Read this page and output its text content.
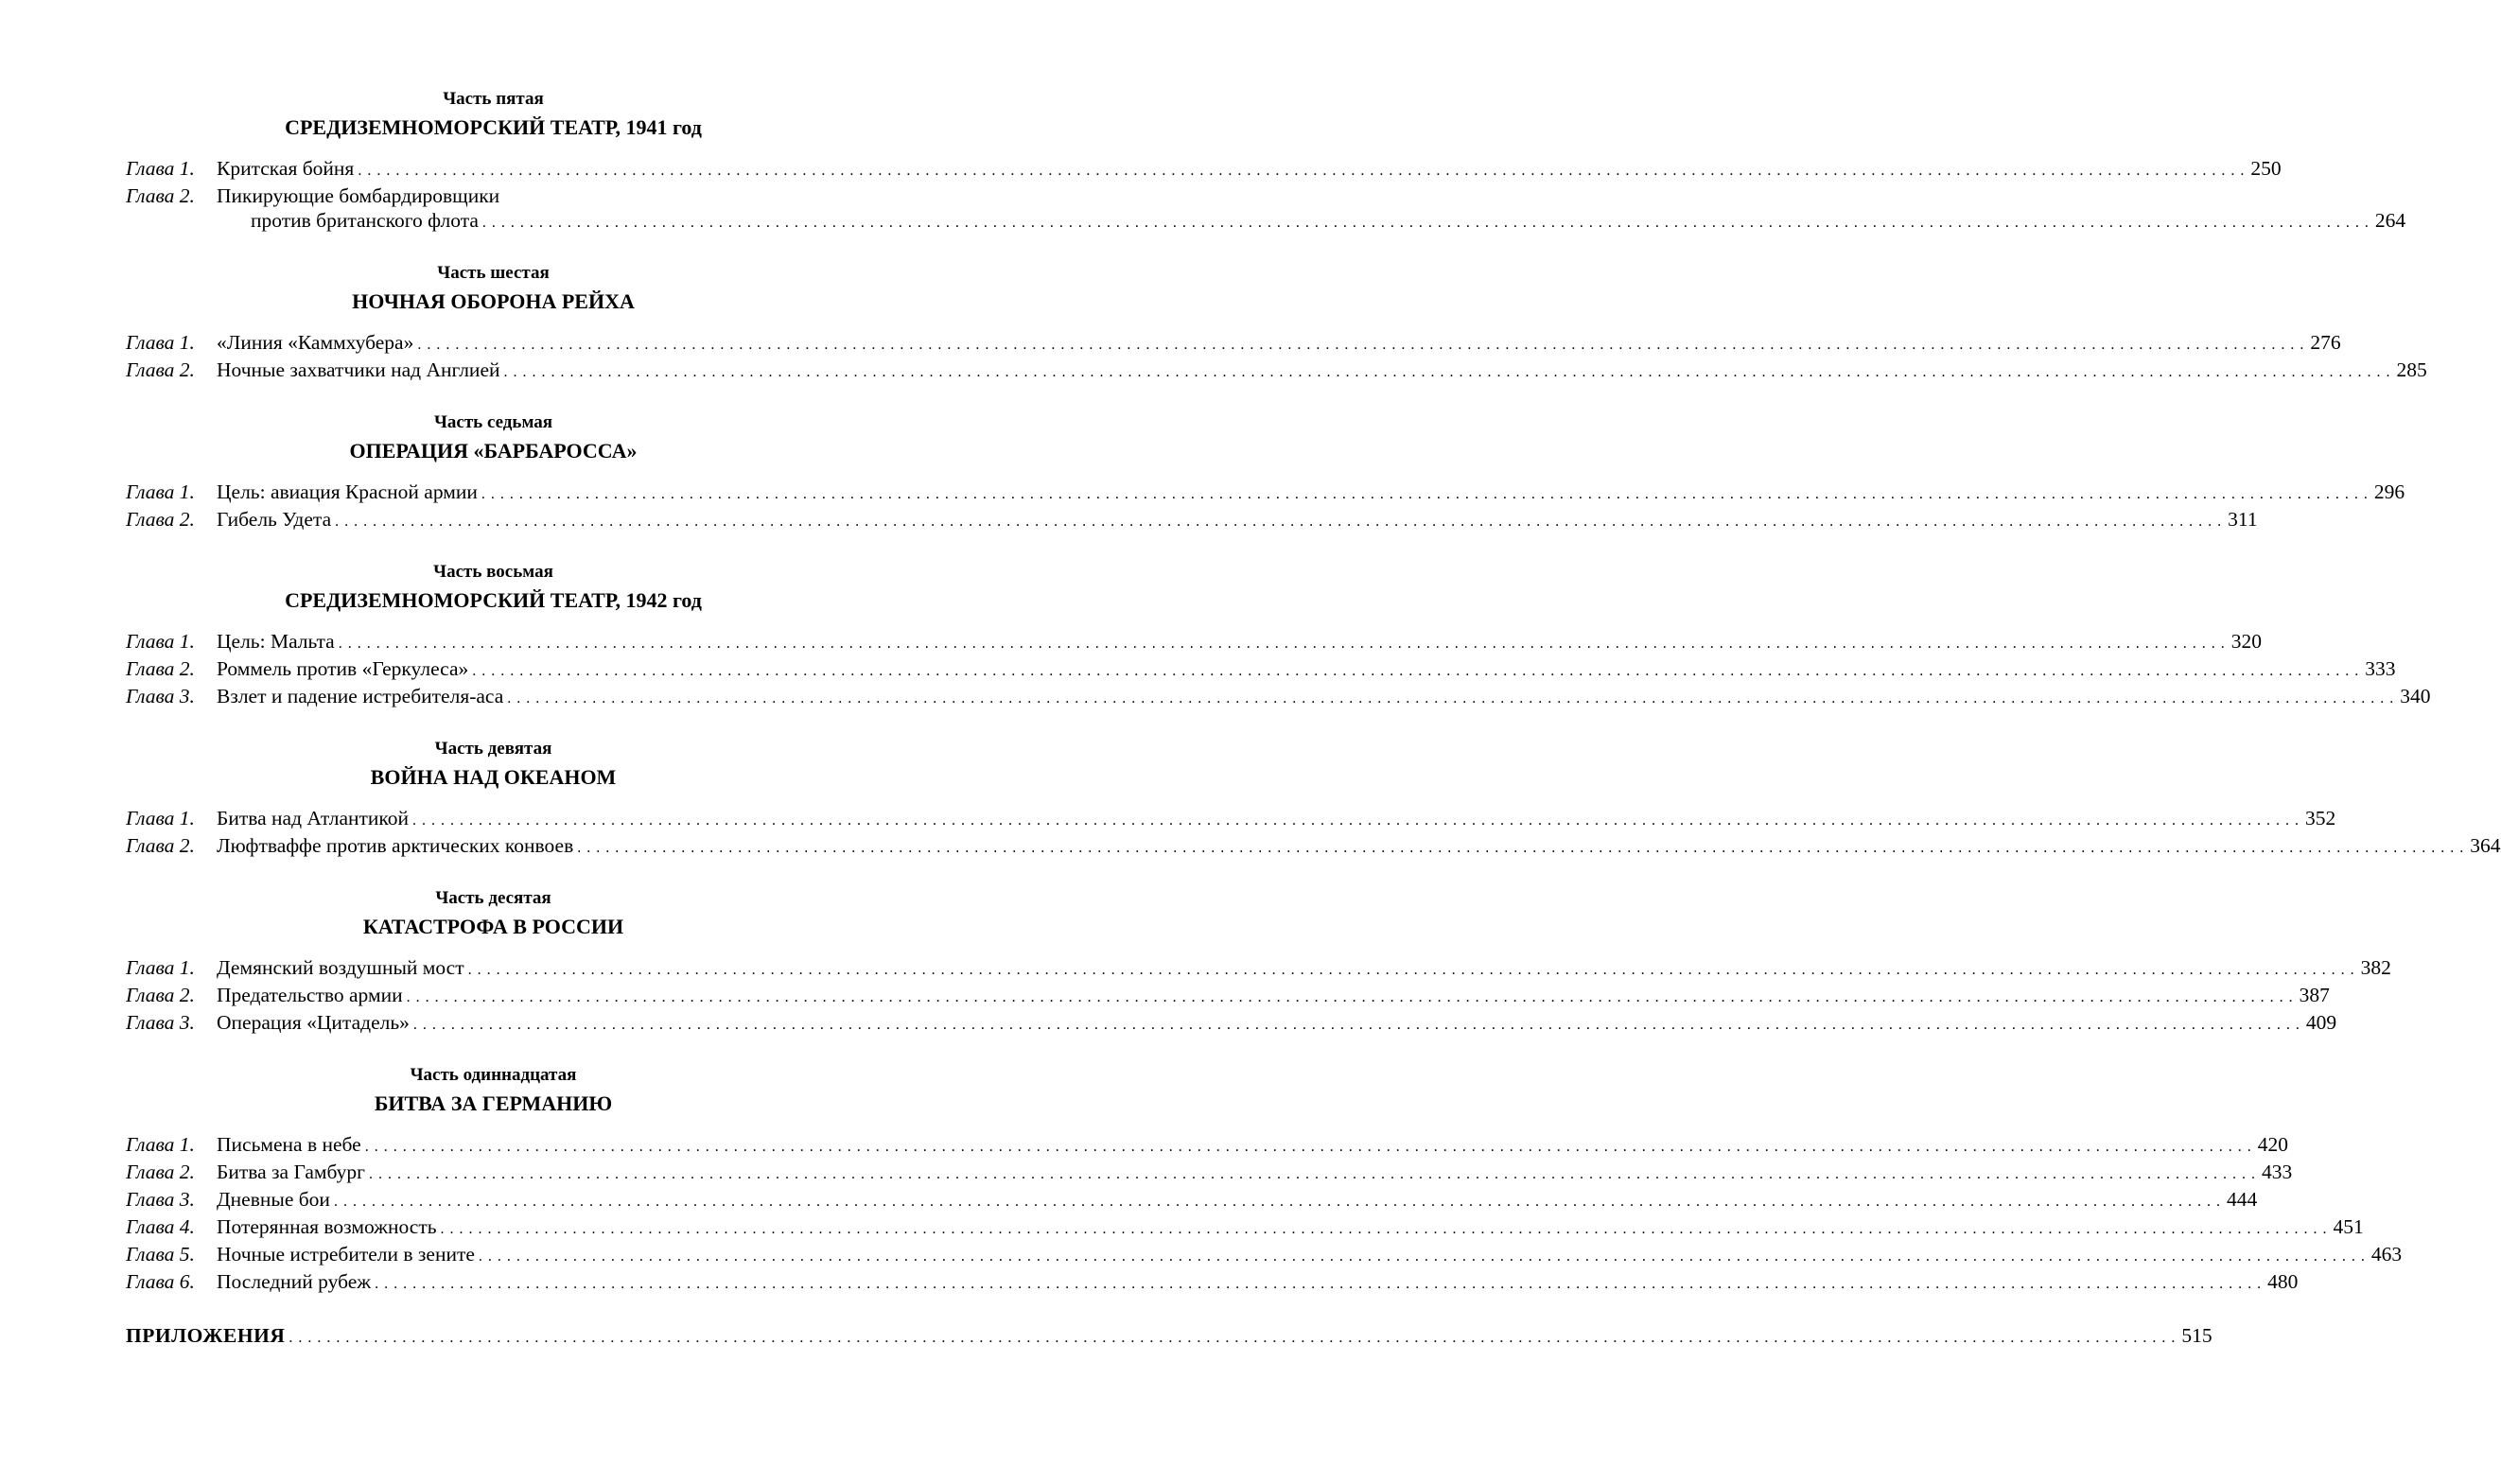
Часть пятая
СРЕДИЗЕМНОМОРСКИЙ ТЕАТР, 1941 год
Глава 1.	Критская бойня . . . . . . . . . . . . . . . . . . . . . . . . . . . . . . . . . . . . . . . . . . . . . . . . . . . . . . . . . . . . . . . . . . . . . . . . . . . . . . . . . . . . . . . . . . . . . . . . . . . . . . . . . . . . . . . . . . . . . . . . . . . . . . . . . . . . . . . . . . . . . . . . . . . . . . . . . . . . . . . . . . . . . . . . . . . . . . . . . . . . . . . . . . . . . . . . . . . . . . . . 250
Глава 2.	Пикирующие бомбардировщики
против британского флота . . . . . . . . . . . . . . . . . . . . . . . . . . . . . . . . . . . . . . . . . . . . . . . . . . . . . . . . . . . . . . . . . . . . . . . . . . . . . . . . . . . . . . . . . . . . . . . . . . . . . . . . . . . . . . . . . . . . . . . . . . . . . . . . . . . . . . . . . . . . . . . . . . . . . . . . . . . . . . . . . . . . . . . . . . . . . . . . . . . . . . . . . . . . . . . . . . . . . . . . 264
Часть шестая
НОЧНАЯ ОБОРОНА РЕЙХА
Глава 1.	«Линия «Каммхубера» . . . . . . . . . . . . . . . . . . . . . . . . . . . . . . . . . . . . . . . . . . . . . . . . . . . . . . . . . . . . . . . . . . . . . . . . . . . . . . . . . . . . . . . . . . . . . . . . . . . . . . . . . . . . . . . . . . . . . . . . . . . . . . . . . . . . . . . . . . . . . . . . . . . . . . . . . . . . . . . . . . . . . . . . . . . . . . . . . . . . . . . . . . . . . . . . . . . . . . . . 276
Глава 2.	Ночные захватчики над Англией . . . . . . . . . . . . . . . . . . . . . . . . . . . . . . . . . . . . . . . . . . . . . . . . . . . . . . . . . . . . . . . . . . . . . . . . . . . . . . . . . . . . . . . . . . . . . . . . . . . . . . . . . . . . . . . . . . . . . . . . . . . . . . . . . . . . . . . . . . . . . . . . . . . . . . . . . . . . . . . . . . . . . . . . . . . . . . . . . . . . . . . . . . . . . . . . . . . . . . . . 285
Часть седьмая
ОПЕРАЦИЯ «БАРБАРОССА»
Глава 1.	Цель: авиация Красной армии . . . . . . . . . . . . . . . . . . . . . . . . . . . . . . . . . . . . . . . . . . . . . . . . . . . . . . . . . . . . . . . . . . . . . . . . . . . . . . . . . . . . . . . . . . . . . . . . . . . . . . . . . . . . . . . . . . . . . . . . . . . . . . . . . . . . . . . . . . . . . . . . . . . . . . . . . . . . . . . . . . . . . . . . . . . . . . . . . . . . . . . . . . . . . . . . . . . . . . . . 296
Глава 2.	Гибель Удета . . . . . . . . . . . . . . . . . . . . . . . . . . . . . . . . . . . . . . . . . . . . . . . . . . . . . . . . . . . . . . . . . . . . . . . . . . . . . . . . . . . . . . . . . . . . . . . . . . . . . . . . . . . . . . . . . . . . . . . . . . . . . . . . . . . . . . . . . . . . . . . . . . . . . . . . . . . . . . . . . . . . . . . . . . . . . . . . . . . . . . . . . . . . . . . . . . . . . . . . 311
Часть восьмая
СРЕДИЗЕМНОМОРСКИЙ ТЕАТР, 1942 год
Глава 1.	Цель: Мальта . . . . . . . . . . . . . . . . . . . . . . . . . . . . . . . . . . . . . . . . . . . . . . . . . . . . . . . . . . . . . . . . . . . . . . . . . . . . . . . . . . . . . . . . . . . . . . . . . . . . . . . . . . . . . . . . . . . . . . . . . . . . . . . . . . . . . . . . . . . . . . . . . . . . . . . . . . . . . . . . . . . . . . . . . . . . . . . . . . . . . . . . . . . . . . . . . . . . . . . . 320
Глава 2.	Роммель против «Геркулеса» . . . . . . . . . . . . . . . . . . . . . . . . . . . . . . . . . . . . . . . . . . . . . . . . . . . . . . . . . . . . . . . . . . . . . . . . . . . . . . . . . . . . . . . . . . . . . . . . . . . . . . . . . . . . . . . . . . . . . . . . . . . . . . . . . . . . . . . . . . . . . . . . . . . . . . . . . . . . . . . . . . . . . . . . . . . . . . . . . . . . . . . . . . . . . . . . . . . . . . . . 333
Глава 3.	Взлет и падение истребителя-аса . . . . . . . . . . . . . . . . . . . . . . . . . . . . . . . . . . . . . . . . . . . . . . . . . . . . . . . . . . . . . . . . . . . . . . . . . . . . . . . . . . . . . . . . . . . . . . . . . . . . . . . . . . . . . . . . . . . . . . . . . . . . . . . . . . . . . . . . . . . . . . . . . . . . . . . . . . . . . . . . . . . . . . . . . . . . . . . . . . . . . . . . . . . . . . . . . . . . . . . . 340
Часть девятая
ВОЙНА НАД ОКЕАНОМ
Глава 1.	Битва над Атлантикой . . . . . . . . . . . . . . . . . . . . . . . . . . . . . . . . . . . . . . . . . . . . . . . . . . . . . . . . . . . . . . . . . . . . . . . . . . . . . . . . . . . . . . . . . . . . . . . . . . . . . . . . . . . . . . . . . . . . . . . . . . . . . . . . . . . . . . . . . . . . . . . . . . . . . . . . . . . . . . . . . . . . . . . . . . . . . . . . . . . . . . . . . . . . . . . . . . . . . . . . 352
Глава 2.	Люфтваффе против арктических конвоев . . . . . . . . . . . . . . . . . . . . . . . . . . . . . . . . . . . . . . . . . . . . . . . . . . . . . . . . . . . . . . . . . . . . . . . . . . . . . . . . . . . . . . . . . . . . . . . . . . . . . . . . . . . . . . . . . . . . . . . . . . . . . . . . . . . . . . . . . . . . . . . . . . . . . . . . . . . . . . . . . . . . . . . . . . . . . . . . . . . . . . . . . . . . . . . . . . . . . . . . 364
Часть десятая
КАТАСТРОФА В РОССИИ
Глава 1.	Демянский воздушный мост . . . . . . . . . . . . . . . . . . . . . . . . . . . . . . . . . . . . . . . . . . . . . . . . . . . . . . . . . . . . . . . . . . . . . . . . . . . . . . . . . . . . . . . . . . . . . . . . . . . . . . . . . . . . . . . . . . . . . . . . . . . . . . . . . . . . . . . . . . . . . . . . . . . . . . . . . . . . . . . . . . . . . . . . . . . . . . . . . . . . . . . . . . . . . . . . . . . . . . . . 382
Глава 2.	Предательство армии . . . . . . . . . . . . . . . . . . . . . . . . . . . . . . . . . . . . . . . . . . . . . . . . . . . . . . . . . . . . . . . . . . . . . . . . . . . . . . . . . . . . . . . . . . . . . . . . . . . . . . . . . . . . . . . . . . . . . . . . . . . . . . . . . . . . . . . . . . . . . . . . . . . . . . . . . . . . . . . . . . . . . . . . . . . . . . . . . . . . . . . . . . . . . . . . . . . . . . . . 387
Глава 3.	Операция «Цитадель» . . . . . . . . . . . . . . . . . . . . . . . . . . . . . . . . . . . . . . . . . . . . . . . . . . . . . . . . . . . . . . . . . . . . . . . . . . . . . . . . . . . . . . . . . . . . . . . . . . . . . . . . . . . . . . . . . . . . . . . . . . . . . . . . . . . . . . . . . . . . . . . . . . . . . . . . . . . . . . . . . . . . . . . . . . . . . . . . . . . . . . . . . . . . . . . . . . . . . . . . 409
Часть одиннадцатая
БИТВА ЗА ГЕРМАНИЮ
Глава 1.	Письмена в небе . . . . . . . . . . . . . . . . . . . . . . . . . . . . . . . . . . . . . . . . . . . . . . . . . . . . . . . . . . . . . . . . . . . . . . . . . . . . . . . . . . . . . . . . . . . . . . . . . . . . . . . . . . . . . . . . . . . . . . . . . . . . . . . . . . . . . . . . . . . . . . . . . . . . . . . . . . . . . . . . . . . . . . . . . . . . . . . . . . . . . . . . . . . . . . . . . . . . . . . . 420
Глава 2.	Битва за Гамбург . . . . . . . . . . . . . . . . . . . . . . . . . . . . . . . . . . . . . . . . . . . . . . . . . . . . . . . . . . . . . . . . . . . . . . . . . . . . . . . . . . . . . . . . . . . . . . . . . . . . . . . . . . . . . . . . . . . . . . . . . . . . . . . . . . . . . . . . . . . . . . . . . . . . . . . . . . . . . . . . . . . . . . . . . . . . . . . . . . . . . . . . . . . . . . . . . . . . . . . . 433
Глава 3.	Дневные бои . . . . . . . . . . . . . . . . . . . . . . . . . . . . . . . . . . . . . . . . . . . . . . . . . . . . . . . . . . . . . . . . . . . . . . . . . . . . . . . . . . . . . . . . . . . . . . . . . . . . . . . . . . . . . . . . . . . . . . . . . . . . . . . . . . . . . . . . . . . . . . . . . . . . . . . . . . . . . . . . . . . . . . . . . . . . . . . . . . . . . . . . . . . . . . . . . . . . . . . . 444
Глава 4.	Потерянная возможность . . . . . . . . . . . . . . . . . . . . . . . . . . . . . . . . . . . . . . . . . . . . . . . . . . . . . . . . . . . . . . . . . . . . . . . . . . . . . . . . . . . . . . . . . . . . . . . . . . . . . . . . . . . . . . . . . . . . . . . . . . . . . . . . . . . . . . . . . . . . . . . . . . . . . . . . . . . . . . . . . . . . . . . . . . . . . . . . . . . . . . . . . . . . . . . . . . . . . . . . 451
Глава 5.	Ночные истребители в зените . . . . . . . . . . . . . . . . . . . . . . . . . . . . . . . . . . . . . . . . . . . . . . . . . . . . . . . . . . . . . . . . . . . . . . . . . . . . . . . . . . . . . . . . . . . . . . . . . . . . . . . . . . . . . . . . . . . . . . . . . . . . . . . . . . . . . . . . . . . . . . . . . . . . . . . . . . . . . . . . . . . . . . . . . . . . . . . . . . . . . . . . . . . . . . . . . . . . . . . . 463
Глава 6.	Последний рубеж . . . . . . . . . . . . . . . . . . . . . . . . . . . . . . . . . . . . . . . . . . . . . . . . . . . . . . . . . . . . . . . . . . . . . . . . . . . . . . . . . . . . . . . . . . . . . . . . . . . . . . . . . . . . . . . . . . . . . . . . . . . . . . . . . . . . . . . . . . . . . . . . . . . . . . . . . . . . . . . . . . . . . . . . . . . . . . . . . . . . . . . . . . . . . . . . . . . . . . . . 480
ПРИЛОЖЕНИЯ . . . . . . . . . . . . . . . . . . . . . . . . . . . . . . . . . . . . . . . . . . . . . . . . . . . . . . . . . . . . . . . . . . . . . . . . . . . . . . . . . . . . . . . . . . . . . . . . . . . . . . . . . . . . . . . . . . . . . . . . . . . . . . . . . . . . . . . . . . . . . . . . . . . . . . . . . . . . . . . . . . . . . . . . . . . . . . . . . . . . . . . . . . . . . . . . . . . . . . . . 515
